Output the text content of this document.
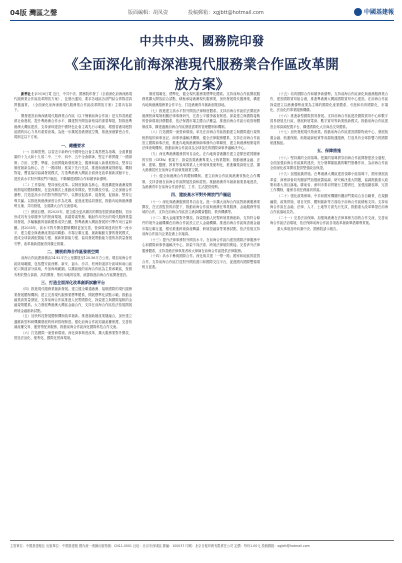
04版 灣區之聲	版面編輯：胡凤姿	投稿郵箱：xgjbtt@hotmail.com	中國基建報
中共中央、國務院印發
《全面深化前海深港現代服務業合作區改革開放方案》

新華社北京9月6日電 近日，中共中央、國務院印發了《全面深化前海深港現代服務業合作區改革開放方案》，並發出通知，要求各地區各部門結合實際認真貫徹落實。《全面深化前海深港現代服務業合作區改革開放方案》主要內容如下。

開發建設前海深港現代服務業合作區（以下簡稱前海合作區）是支持香港經濟社會發展、提升粵港澳合作水平、構建對外開放新格局的重要舉措，對推進粵港澳大灣區建設、支持深圳建設中國特色社會主義先行示範區、增強香港同胞對祖國的向心力具有重要意義。為進一步擴展香港發展空間，推進深港緊密合作，現制定以下方案。

一、總體要求

（一）指導思想。以習近平新時代中國特色社會主義思想為指導，全面貫徹黨的十九大和十九屆二中、三中、四中、五中全會精神，堅定不移貫徹「一國兩制」方針，完整、準確、全面貫徹新發展理念，服務和融入新發展格局，堅持以制度創新為核心，在「一國兩制」框架下先行先試，推進與港澳規則銜接、機制對接，豐富協同協調發展模式，打造粵港澳大灣區全面深化改革創新試驗平台，建設高水平對外開放門戶樞紐，不斷構建國際合作和競爭新優勢。

（二）工作原理。堅持深化改革。以制度創新為核心，推進構建與港澳規則相銜接的體制機制，在更深層次上推動改革開放。堅持開放引領。立足深港合作優勢，打造更高水平的對外開放門戶，以開放促改革、促發展、促創新。堅持互利共贏。以推進與港澳深度合作為先導，促進產業協同發展，推動內地與港澳優勢互補、共同發展，全面擴大合作交流領域。

（三）發展目標。到2025年，建立健全更高層次的開放型經濟新體制，初步形成具有全球競爭力的營商環境，高端要素集聚、輻射作用突出的現代服務業蓬勃發展，多輪驅動的創新體系成效凸顯，對粵港澳大灣區發展的引擎作用日益彰顯。到2035年，高水平對外開放體制機制更加完善，營商環境達到世界一流水平，建立健全與港澳產業協同聯動、市場互聯互通、創新驅動支撐的發展模式，建成全球資源配置能力強、創新策源能力強、協同發展帶動能力強的高質量發展引擎，改革創新經驗得到廣泛推廣。

二、擴展前海合作區發展空間

前海合作區總面積由14.92平方公里擴展至120.56平方公里。增加前海合作區陸域範圍，包括寶安區西鄉、新安、福永、沙井、松崗街道部分區域和南山區蛇口街道部分區域，外加海域範圍。以擴區後的前海合作區為主要承載區，按照有利於整合資源、高效開發、集約用地的原則，統籌推進前海合作區開發建設。

三、打造全面深化改革創新試驗平台

（四）推進現代服務業創新發展。建立健全聯通港澳、接軌國際的現代服務業發展體制機制。建立完善現代服務業標準體系，開展標準化試點示範。推動金融業高質量發展，支持前海合作區推進人民幣國際化，探索建立與國際接軌的金融規則體系。大力發展粵港澳大灣區金融合作，支持在前海合作區依法依規開展跨境金融創新試點。

（五）加快科技發展體制機制改革創新。推進創新鏈產業鏈融合，加快建立適應新型科研機構發展的科研管理制度。強化前海合作區知識產權保護，完善知識產權交易、運營等配套服務，推動前海合作區深化國際科技合作交流。

（六）打造國際一流營商環境。深化商事制度改革，擴大服務業對外開放，營造法治化、便利化、國際化營商環境。

制度規範化、標準化，健全現代服務業標準化體系。支持前海合作區開展服務業擴大開放綜合試點，積極承接港澳現代服務業，加快發展現代服務業，構建內地與港澳服務業合作平台，打造港澳青年創新創業基地。

（七）推進建立高水平對外開放法律制度體系。支持前海合作區依法開展涉港澳營商環境相關法律事務研究，完善公平競爭審查制度。探索建立與國際接軌的營商環境評價體系，依法保護市場主體合法權益，推進前海合作區行政管理體制改革，構建適應前海合作區發展需要的管理體制和機制。

（八）打造國際一流營商環境。率先在前海合作區推動建立與國際通行規則相銜接的商事登記、商事爭議解決機制，健全法律服務體系，支持在前海合作區設立國際商事法庭，推進內地與港澳律師事務所合夥聯營，建立與港澳相銜接的法律查明機制，推動前海合作區成為全球領先的國際商事爭議解決中心。

（九）深化粵港澳服務貿易自由化。在內地與香港關於建立更緊密經貿關係的安排（CEPA）框架下，探索放寬港澳專業人士執業限制，推動港澳金融、法律、建築、醫療、教育等領域專業人士跨境執業便利化，推進職業資格互認，擴大港澳居民在前海合作區就業創業空間。

（十）健全與港澳合作的體制機制。建立前海合作區與港澳常態化合作機制，支持香港在前海合作區開展投資和經營。推動港澳青年創新創業基地建設，為港澳青年在前海合作區學習、工作、生活提供便利。

四、建設高水平對外開放門戶樞紐

（十一）深化與港澳服務貿易自由化。進一步擴大前海合作區對港澳服務業開放，在完善監管的前提下，推動前海合作區與港澳在專業服務、金融服務等領域的合作，支持在前海合作區設立港資獨資醫院、教育機構等。

（十二）擴大金融業對外開放。探索推動人民幣跨境業務創新，支持符合條件的境外金融機構在前海合作區設立法人金融機構。推進前海合作區與香港金融市場互聯互通，穩妥推進跨境資產轉讓、跨境投融資等業務試點，依法依規支持前海合作區內企業赴港上市融資。

（十三）提升法律事務對外開放水平。在前海合作區內建設國際法律服務中心和國際商事爭議解決中心，探索不同法系、跨境法律規則銜接。完善涉外法律服務體系，支持香港法律執業者和大律師在前海合作區提供法律服務。

（十四）高水平參與國際合作。深化與共建「一帶一路」國家和地區的經貿合作，支持前海合作區打造對外開放窗口和國際交往平台，促進國內國際雙循環相互促進。

（十五）培育國際合作和競爭新優勢。支持前海合作區深化與港澳服務業合作，建設國際貿易組合港，推進粵港澳大灣區國際貿易中心建設。在前海合作區探索建立以港澳優勢產業為主導的國際化產業體系，引進和培育國際化、市場化、法治化的專業服務機構。

（十六）推進新型國際貿易發展。支持前海合作區建設國際貿易中心和數字貿易發展先行區，發展跨境電商、數字貿易等新業態新模式。推動前海合作區建設全球資源配置平台，構建國際化大宗商品交易體系。

（十七）加快發展現代物流業。推動前海合作區建設國際物流中心，發展航運金融、航運保險、船舶融資租賃等高端航運服務，打造具有全球影響力的國際航運樞紐。

五、保障措施

（十八）堅持黨的全面領導。把黨的領導貫穿前海合作區開發建設全過程，全面加強前海合作區黨的建設，充分發揮黨組織的戰鬥堡壘作用，為前海合作區全面深化改革開放提供堅強政治保證。

（十九）加強組織實施。在粵港澳大灣區建設領導小組領導下，國家發展改革委、商務部會同有關部門加強統籌協調，研究解決重大問題，協調推動重大政策和重大項目落地。廣東省、深圳市要切實履行主體責任，加強組織領導，完善工作機制，確保各項任務落到實處。

（二十）強化政策保障。中央和國家機關有關部門要結合各自職責，在規劃編製、政策實施、項目安排、體制創新等方面給予前海合作區積極支持。支持前海合作區在金融、法律、人才、土地等方面先行先試，推動重大改革舉措在前海合作區落地見效。

（二十一）完善法治保障。加強與港澳在法律事務方面的合作交流，完善前海合作區法治環境，依法保障前海合作區各項改革創新舉措順利實施。

重大事項及時向黨中央、國務院請示報告。

主管單位：中國基建報社 出版單位：中國基建報 國內統一連續出版物號：CN11-0001 社址：北京市西城區 郵編：100037 印刷：北京日報印務有限責任公司 定價：每份1.00元 投稿郵箱：xgjbtt@hotmail.com
